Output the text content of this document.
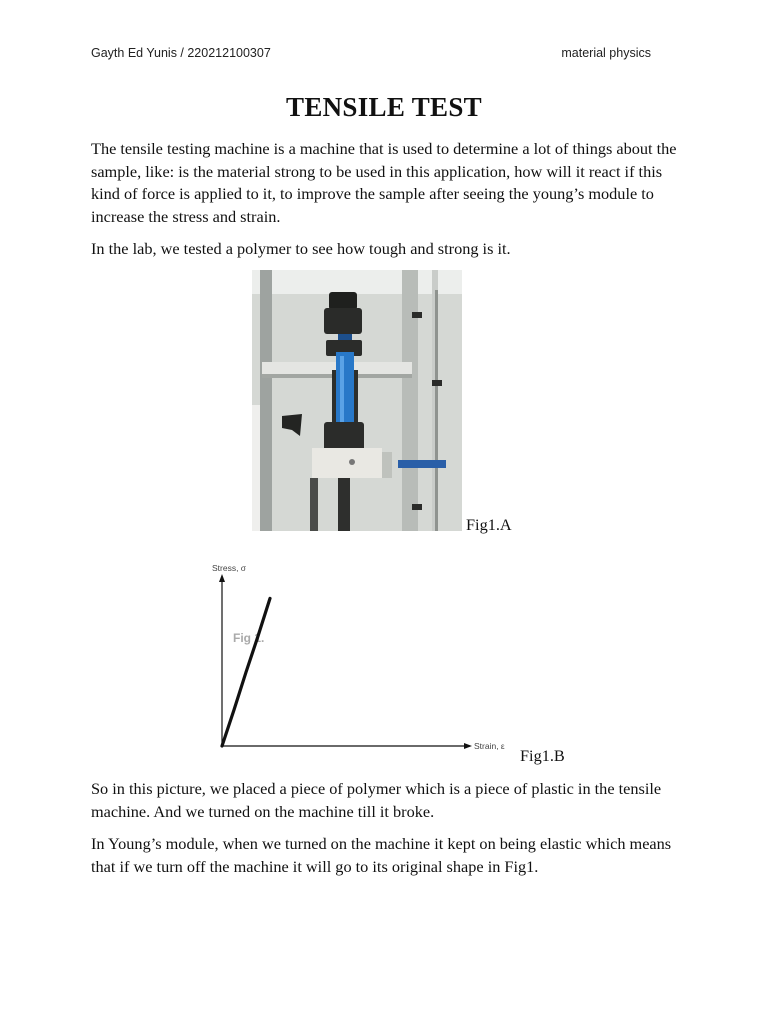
Gayth Ed Yunis / 220212100307	material physics
TENSILE TEST

The tensile testing machine is a machine that is used to determine a lot of things about the sample, like: is the material strong to be used in this application, how will it react if this kind of force is applied to it, to improve the sample after seeing the young’s module to increase the stress and strain.

In the lab, we tested a polymer to see how tough and strong is it.

Fig1.A
Stress, σ
Strain, ε
Fig 1.
Fig1.B

So in this picture, we placed a piece of polymer which is a piece of plastic in the tensile machine. And we turned on the machine till it broke.

In Young’s module, when we turned on the machine it kept on being elastic which means that if we turn off the machine it will go to its original shape in Fig1.
